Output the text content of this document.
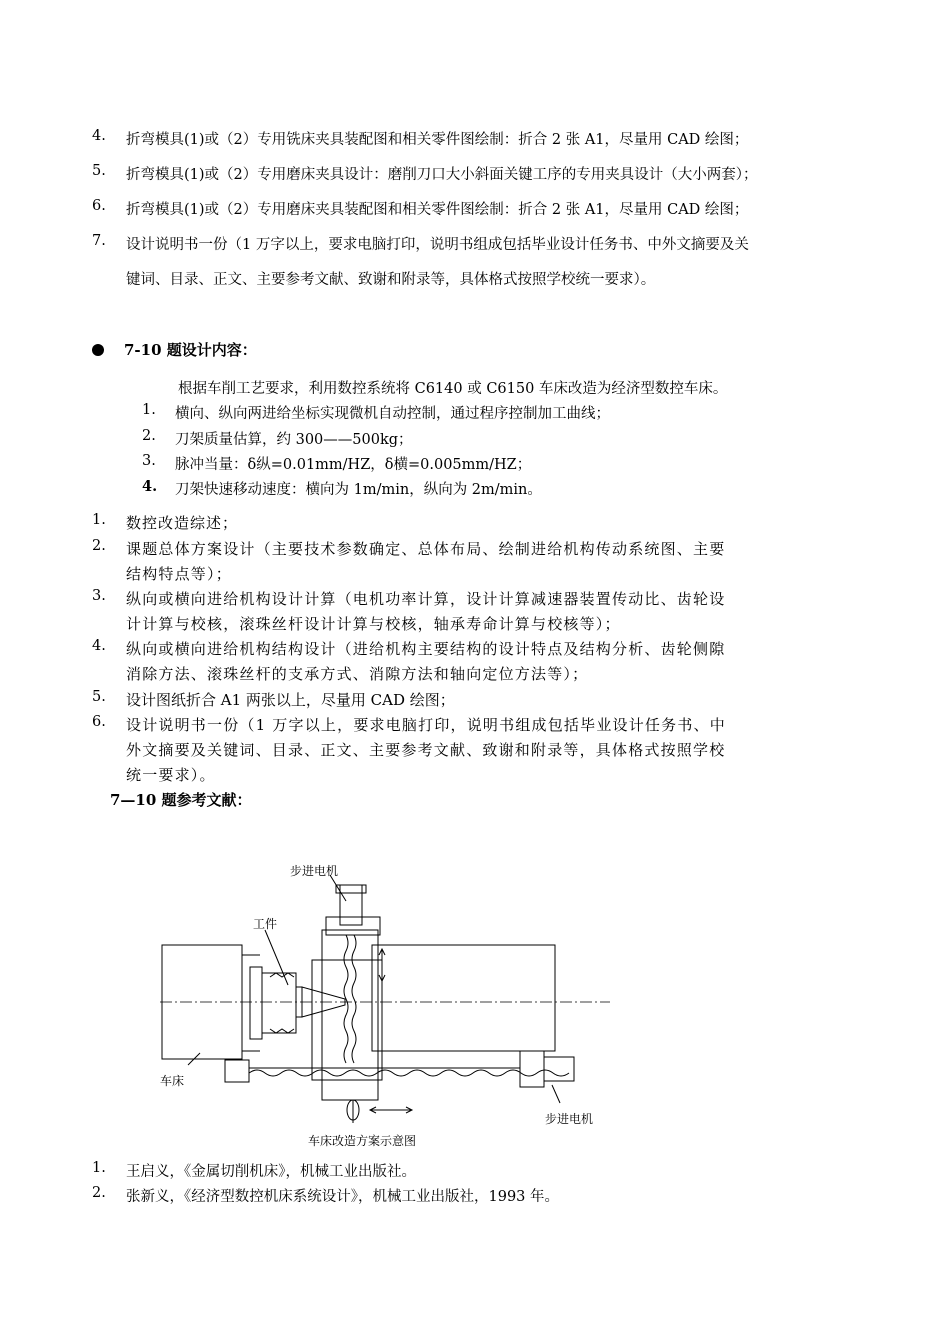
4. 折弯模具(1)或（2）专用铣床夹具装配图和相关零件图绘制：折合 2 张 A1，尽量用 CAD 绘图；
5. 折弯模具(1)或（2）专用磨床夹具设计：磨削刀口大小斜面关键工序的专用夹具设计（大小两套）；
6. 折弯模具(1)或（2）专用磨床夹具装配图和相关零件图绘制：折合 2 张 A1，尽量用 CAD 绘图；
7. 设计说明书一份（1 万字以上，要求电脑打印，说明书组成包括毕业设计任务书、中外文摘要及关
键词、目录、正文、主要参考文献、致谢和附录等，具体格式按照学校统一要求）。
7-10 题设计内容：
根据车削工艺要求，利用数控系统将 C6140 或 C6150 车床改造为经济型数控车床。
1. 横向、纵向两进给坐标实现微机自动控制，通过程序控制加工曲线；
2. 刀架质量估算，约 300——500kg；
3. 脉冲当量：δ纵=0.01mm/HZ，δ横=0.005mm/HZ；
4. 刀架快速移动速度：横向为 1m/min，纵向为 2m/min。
1. 数控改造综述；
2. 课题总体方案设计（主要技术参数确定、总体布局、绘制进给机构传动系统图、主要
结构特点等）；
3. 纵向或横向进给机构设计计算（电机功率计算，设计计算减速器装置传动比、齿轮设
计计算与校核，滚珠丝杆设计计算与校核，轴承寿命计算与校核等）；
4. 纵向或横向进给机构结构设计（进给机构主要结构的设计特点及结构分析、齿轮侧隙
消除方法、滚珠丝杆的支承方式、消隙方法和轴向定位方法等）；
5. 设计图纸折合 A1 两张以上，尽量用 CAD 绘图；
6. 设计说明书一份（1 万字以上，要求电脑打印，说明书组成包括毕业设计任务书、中
外文摘要及关键词、目录、正文、主要参考文献、致谢和附录等，具体格式按照学校
统一要求）。
7—10 题参考文献：
步进电机
工件
车床
步进电机
车床改造方案示意图
1. 王启义，《金属切削机床》，机械工业出版社。
2. 张新义，《经济型数控机床系统设计》，机械工业出版社，1993 年。
